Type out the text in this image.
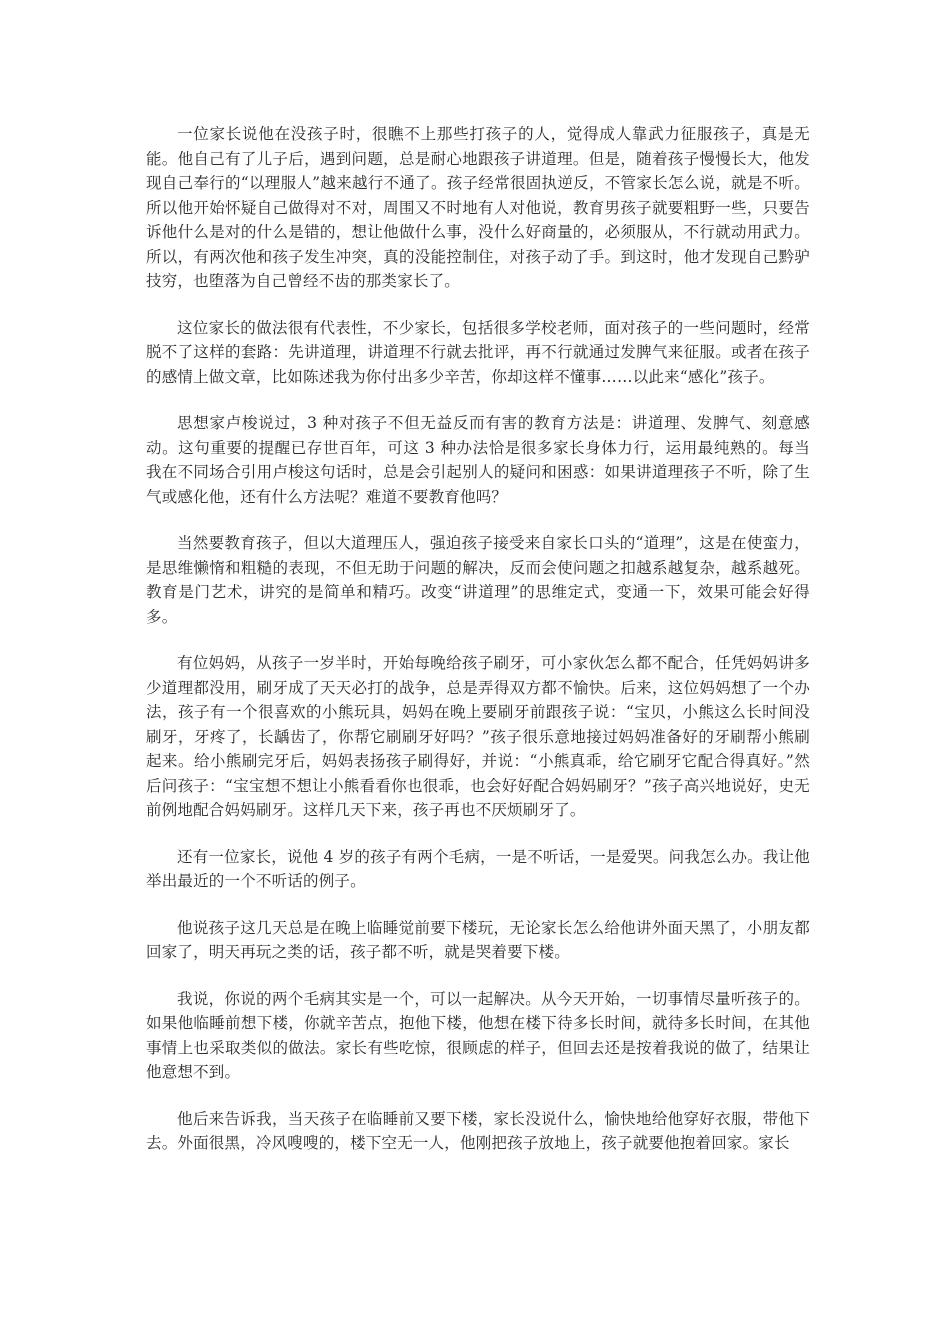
一位家长说他在没孩子时，很瞧不上那些打孩子的人，觉得成人靠武力征服孩子，真是无能。他自己有了儿子后，遇到问题，总是耐心地跟孩子讲道理。但是，随着孩子慢慢长大，他发现自己奉行的“以理服人”越来越行不通了。孩子经常很固执逆反，不管家长怎么说，就是不听。所以他开始怀疑自己做得对不对，周围又不时地有人对他说，教育男孩子就要粗野一些，只要告诉他什么是对的什么是错的，想让他做什么事，没什么好商量的，必须服从，不行就动用武力。所以，有两次他和孩子发生冲突，真的没能控制住，对孩子动了手。到这时，他才发现自己黔驴技穷，也堕落为自己曾经不齿的那类家长了。

这位家长的做法很有代表性，不少家长，包括很多学校老师，面对孩子的一些问题时，经常脱不了这样的套路：先讲道理，讲道理不行就去批评，再不行就通过发脾气来征服。或者在孩子的感情上做文章，比如陈述我为你付出多少辛苦，你却这样不懂事……以此来“感化”孩子。

思想家卢梭说过，3 种对孩子不但无益反而有害的教育方法是：讲道理、发脾气、刻意感动。这句重要的提醒已存世百年，可这 3 种办法恰是很多家长身体力行，运用最纯熟的。每当我在不同场合引用卢梭这句话时，总是会引起别人的疑问和困惑：如果讲道理孩子不听，除了生气或感化他，还有什么方法呢？难道不要教育他吗？

当然要教育孩子，但以大道理压人，强迫孩子接受来自家长口头的“道理”，这是在使蛮力，是思维懒惰和粗糙的表现，不但无助于问题的解决，反而会使问题之扣越系越复杂，越系越死。教育是门艺术，讲究的是简单和精巧。改变“讲道理”的思维定式，变通一下，效果可能会好得多。

有位妈妈，从孩子一岁半时，开始每晚给孩子刷牙，可小家伙怎么都不配合，任凭妈妈讲多少道理都没用，刷牙成了天天必打的战争，总是弄得双方都不愉快。后来，这位妈妈想了一个办法，孩子有一个很喜欢的小熊玩具，妈妈在晚上要刷牙前跟孩子说：“宝贝，小熊这么长时间没刷牙，牙疼了，长龋齿了，你帮它刷刷牙好吗？”孩子很乐意地接过妈妈准备好的牙刷帮小熊刷起来。给小熊刷完牙后，妈妈表扬孩子刷得好，并说：“小熊真乖，给它刷牙它配合得真好。”然后问孩子：“宝宝想不想让小熊看看你也很乖，也会好好配合妈妈刷牙？”孩子高兴地说好，史无前例地配合妈妈刷牙。这样几天下来，孩子再也不厌烦刷牙了。

还有一位家长，说他 4 岁的孩子有两个毛病，一是不听话，一是爱哭。问我怎么办。我让他举出最近的一个不听话的例子。

他说孩子这几天总是在晚上临睡觉前要下楼玩，无论家长怎么给他讲外面天黑了，小朋友都回家了，明天再玩之类的话，孩子都不听，就是哭着要下楼。

我说，你说的两个毛病其实是一个，可以一起解决。从今天开始，一切事情尽量听孩子的。如果他临睡前想下楼，你就辛苦点，抱他下楼，他想在楼下待多长时间，就待多长时间，在其他事情上也采取类似的做法。家长有些吃惊，很顾虑的样子，但回去还是按着我说的做了，结果让他意想不到。

他后来告诉我，当天孩子在临睡前又要下楼，家长没说什么，愉快地给他穿好衣服，带他下去。外面很黑，冷风嗖嗖的，楼下空无一人，他刚把孩子放地上，孩子就要他抱着回家。家长
